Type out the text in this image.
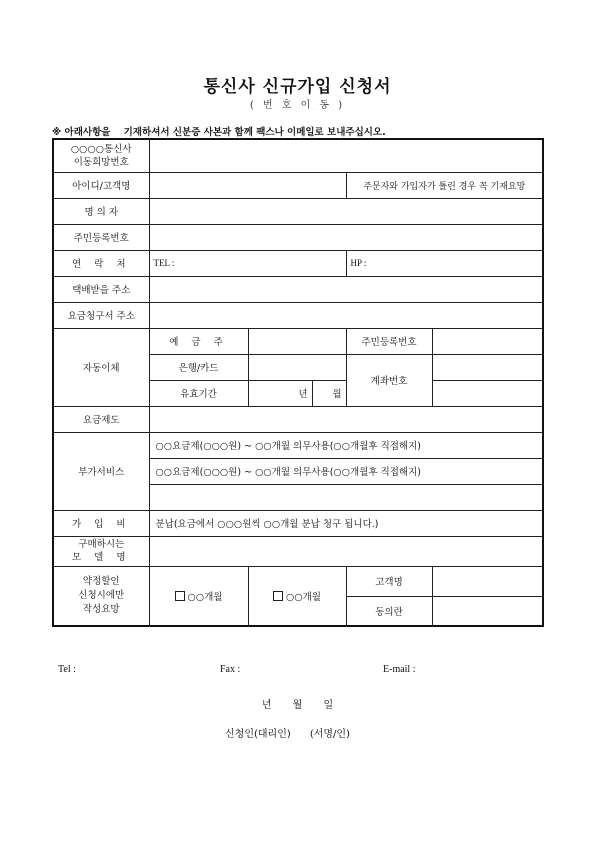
통신사 신규가입 신청서
( 번 호 이 동 )
※ 아래사항을    기재하셔서 신분증 사본과 함께 팩스나 이메일로 보내주십시오.
○○○○통신사
이동희망번호					
아이디/고객명				주문자와 가입자가 틀린 경우 꼭 기재요망	
명 의 자					
주민등록번호					
연 락 처	TEL :			HP :	
택배받을 주소					
요금청구서 주소					
자동이체	예 금 주			주민등록번호	
	은행/카드			계좌번호	
	유효기간	년	월		
요금제도					
부가서비스	○○요금제(○○○원) ~ ○○개월 의무사용(○○개월후 직접해지)				
	○○요금제(○○○원) ~ ○○개월 의무사용(○○개월후 직접해지)				

가 입 비	분납(요금에서 ○○○원씩 ○○개월 분납 청구 됩니다.)				
구매하시는
모 델 명					
약정할인
신청시에만
작성요망	○○개월	○○개월		고객명	
				동의란	
Tel :	Fax :	E-mail :
년 월 일
신청인(대리인)      (서명/인)
